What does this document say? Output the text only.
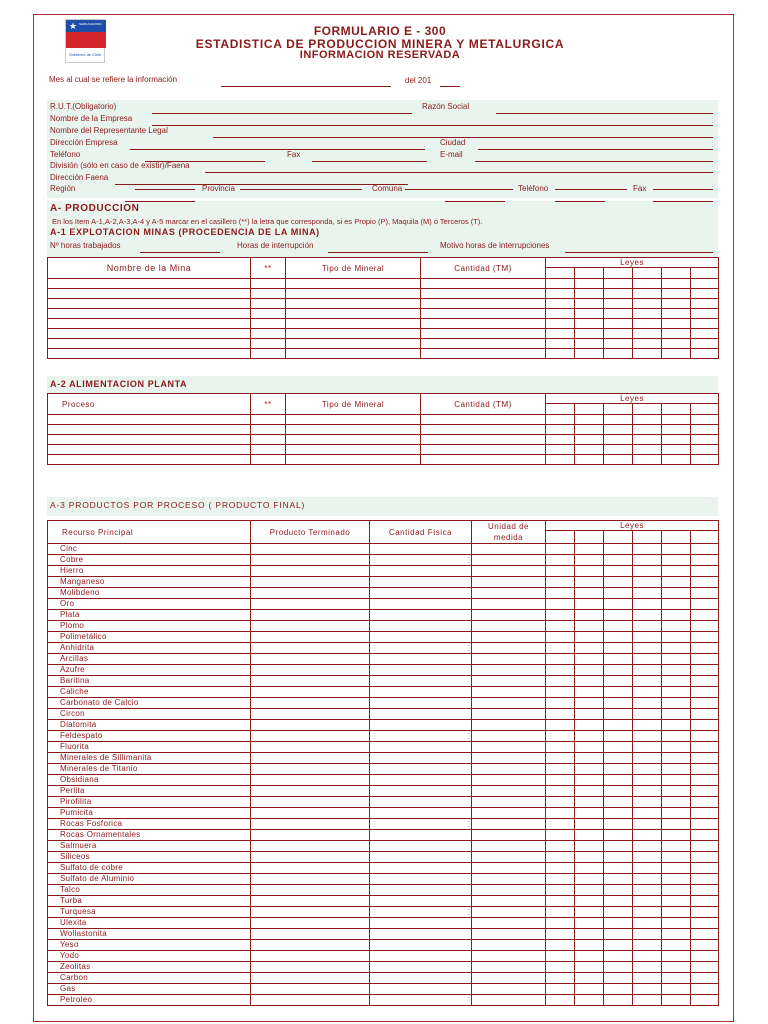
★ SERNAGEOMIN
Gobierno de Chile
FORMULARIO E - 300
ESTADISTICA DE PRODUCCION MINERA Y METALURGICA
INFORMACION RESERVADA
Mes al cual se refiere la información	del 201
R.U.T.(Obligatorio)	Razón Social
Nombre de la Empresa
Nombre del Representante Legal
Dirección Empresa	Ciudad
Teléfono	Fax	E-mail
División (sólo en caso de existir)/Faena
Dirección Faena
Región	Provincia	Comuna	Teléfono	Fax
A- PRODUCCION
En los Item A-1,A-2,A-3,A-4 y A-5 marcar en el casillero (**) la letra que corresponda, si es Propio (P), Maquila (M) ó Terceros (T).
A-1 EXPLOTACION MINAS (PROCEDENCIA DE LA MINA)
Nº horas trabajados	Horas de interrupción	Motivo horas de interrupciones
Nombre de la Mina	**	Tipo de Mineral	Cantidad (TM)	Leyes					

A-2 ALIMENTACION PLANTA
Proceso	**	Tipo de Mineral	Cantidad (TM)	Leyes					

A-3 PRODUCTOS POR PROCESO ( PRODUCTO FINAL)
Recurso Principal	Producto Terminado	Cantidad Física	Unidad de medida	Leyes					

Cinc									
Cobre									
Hierro									
Manganeso									
Molibdeno									
Oro									
Plata									
Plomo									
Polimetálico									
Anhidrita									
Arcillas									
Azufre									
Baritina									
Caliche									
Carbonato de Calcio									
Circon									
Diatomita									
Feldespato									
Fluorita									
Minerales de Sillimanita									
Minerales de Titanio									
Obsidiana									
Perlita									
Pirofilita									
Pumicita									
Rocas Fosforica									
Rocas Ornamentales									
Salmuera									
Siliceos									
Sulfato de cobre									
Sulfato de Aluminio									
Talco									
Turba									
Turquesa									
Ulexita									
Wollastonita									
Yeso									
Yodo									
Zeolitas									
Carbon									
Gas									
Petroleo									
